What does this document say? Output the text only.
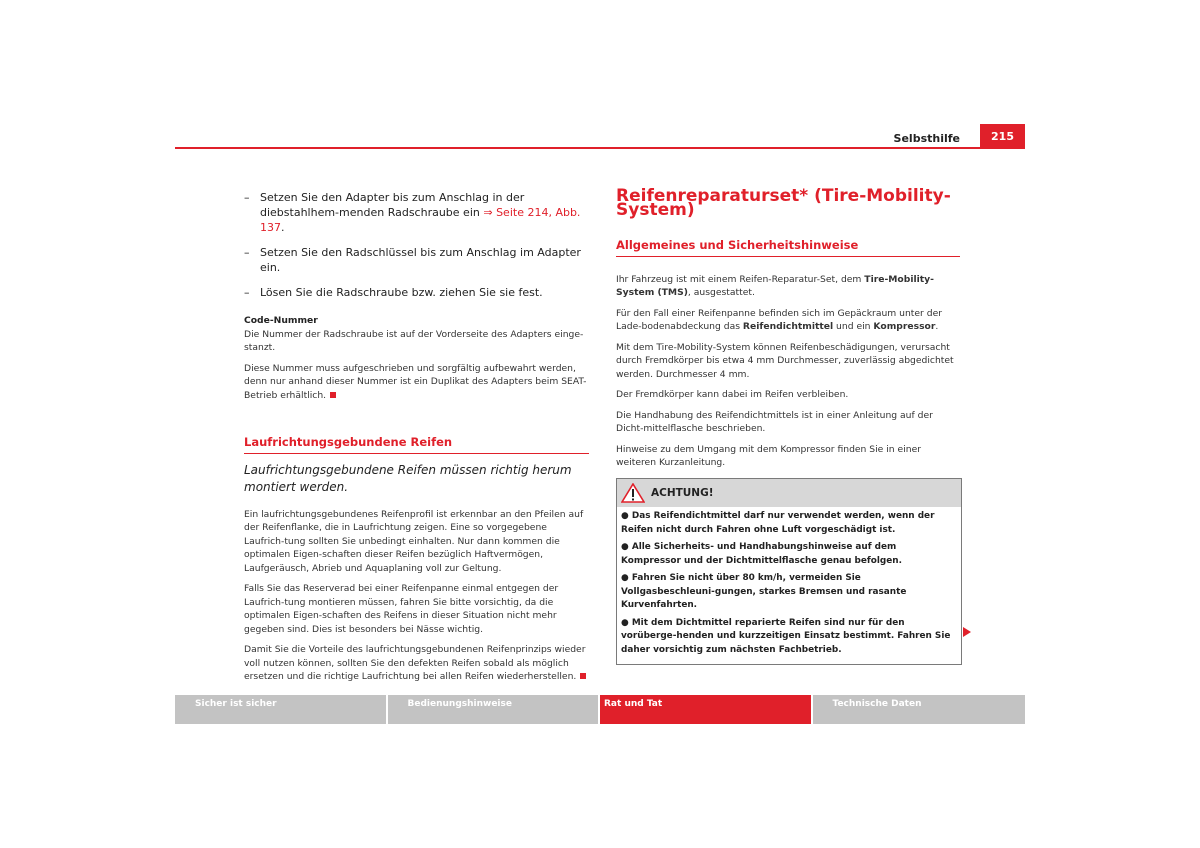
Selbsthilfe	215
– Setzen Sie den Adapter bis zum Anschlag in der diebstahlhem-menden Radschraube ein ⇒ Seite 214, Abb. 137.
– Setzen Sie den Radschlüssel bis zum Anschlag im Adapter ein.
– Lösen Sie die Radschraube bzw. ziehen Sie sie fest.
Code-Nummer

Die Nummer der Radschraube ist auf der Vorderseite des Adapters einge-stanzt.

Diese Nummer muss aufgeschrieben und sorgfältig aufbewahrt werden, denn nur anhand dieser Nummer ist ein Duplikat des Adapters beim SEAT-Betrieb erhältlich.

Laufrichtungsgebundene Reifen
Laufrichtungsgebundene Reifen müssen richtig herum montiert werden.

Ein laufrichtungsgebundenes Reifenprofil ist erkennbar an den Pfeilen auf der Reifenflanke, die in Laufrichtung zeigen. Eine so vorgegebene Laufrich-tung sollten Sie unbedingt einhalten. Nur dann kommen die optimalen Eigen-schaften dieser Reifen bezüglich Haftvermögen, Laufgeräusch, Abrieb und Aquaplaning voll zur Geltung.

Falls Sie das Reserverad bei einer Reifenpanne einmal entgegen der Laufrich-tung montieren müssen, fahren Sie bitte vorsichtig, da die optimalen Eigen-schaften des Reifens in dieser Situation nicht mehr gegeben sind. Dies ist besonders bei Nässe wichtig.

Damit Sie die Vorteile des laufrichtungsgebundenen Reifenprinzips wieder voll nutzen können, sollten Sie den defekten Reifen sobald als möglich ersetzen und die richtige Laufrichtung bei allen Reifen wiederherstellen.

Reifenreparaturset* (Tire-Mobility-System)
Allgemeines und Sicherheitshinweise

Ihr Fahrzeug ist mit einem Reifen-Reparatur-Set, dem Tire-Mobility-System (TMS), ausgestattet.

Für den Fall einer Reifenpanne befinden sich im Gepäckraum unter der Lade-bodenabdeckung das Reifendichtmittel und ein Kompressor.

Mit dem Tire-Mobility-System können Reifenbeschädigungen, verursacht durch Fremdkörper bis etwa 4 mm Durchmesser, zuverlässig abgedichtet werden. Durchmesser 4 mm.

Der Fremdkörper kann dabei im Reifen verbleiben.

Die Handhabung des Reifendichtmittels ist in einer Anleitung auf der Dicht-mittelflasche beschrieben.

Hinweise zu dem Umgang mit dem Kompressor finden Sie in einer weiteren Kurzanleitung.

ACHTUNG!
● Das Reifendichtmittel darf nur verwendet werden, wenn der Reifen nicht durch Fahren ohne Luft vorgeschädigt ist.
● Alle Sicherheits- und Handhabungshinweise auf dem Kompressor und der Dichtmittelflasche genau befolgen.
● Fahren Sie nicht über 80 km/h, vermeiden Sie Vollgasbeschleuni-gungen, starkes Bremsen und rasante Kurvenfahrten.
● Mit dem Dichtmittel reparierte Reifen sind nur für den vorüberge-henden und kurzzeitigen Einsatz bestimmt. Fahren Sie daher vorsichtig zum nächsten Fachbetrieb.
Sicher ist sicher	Bedienungshinweise	Rat und Tat	Technische Daten
